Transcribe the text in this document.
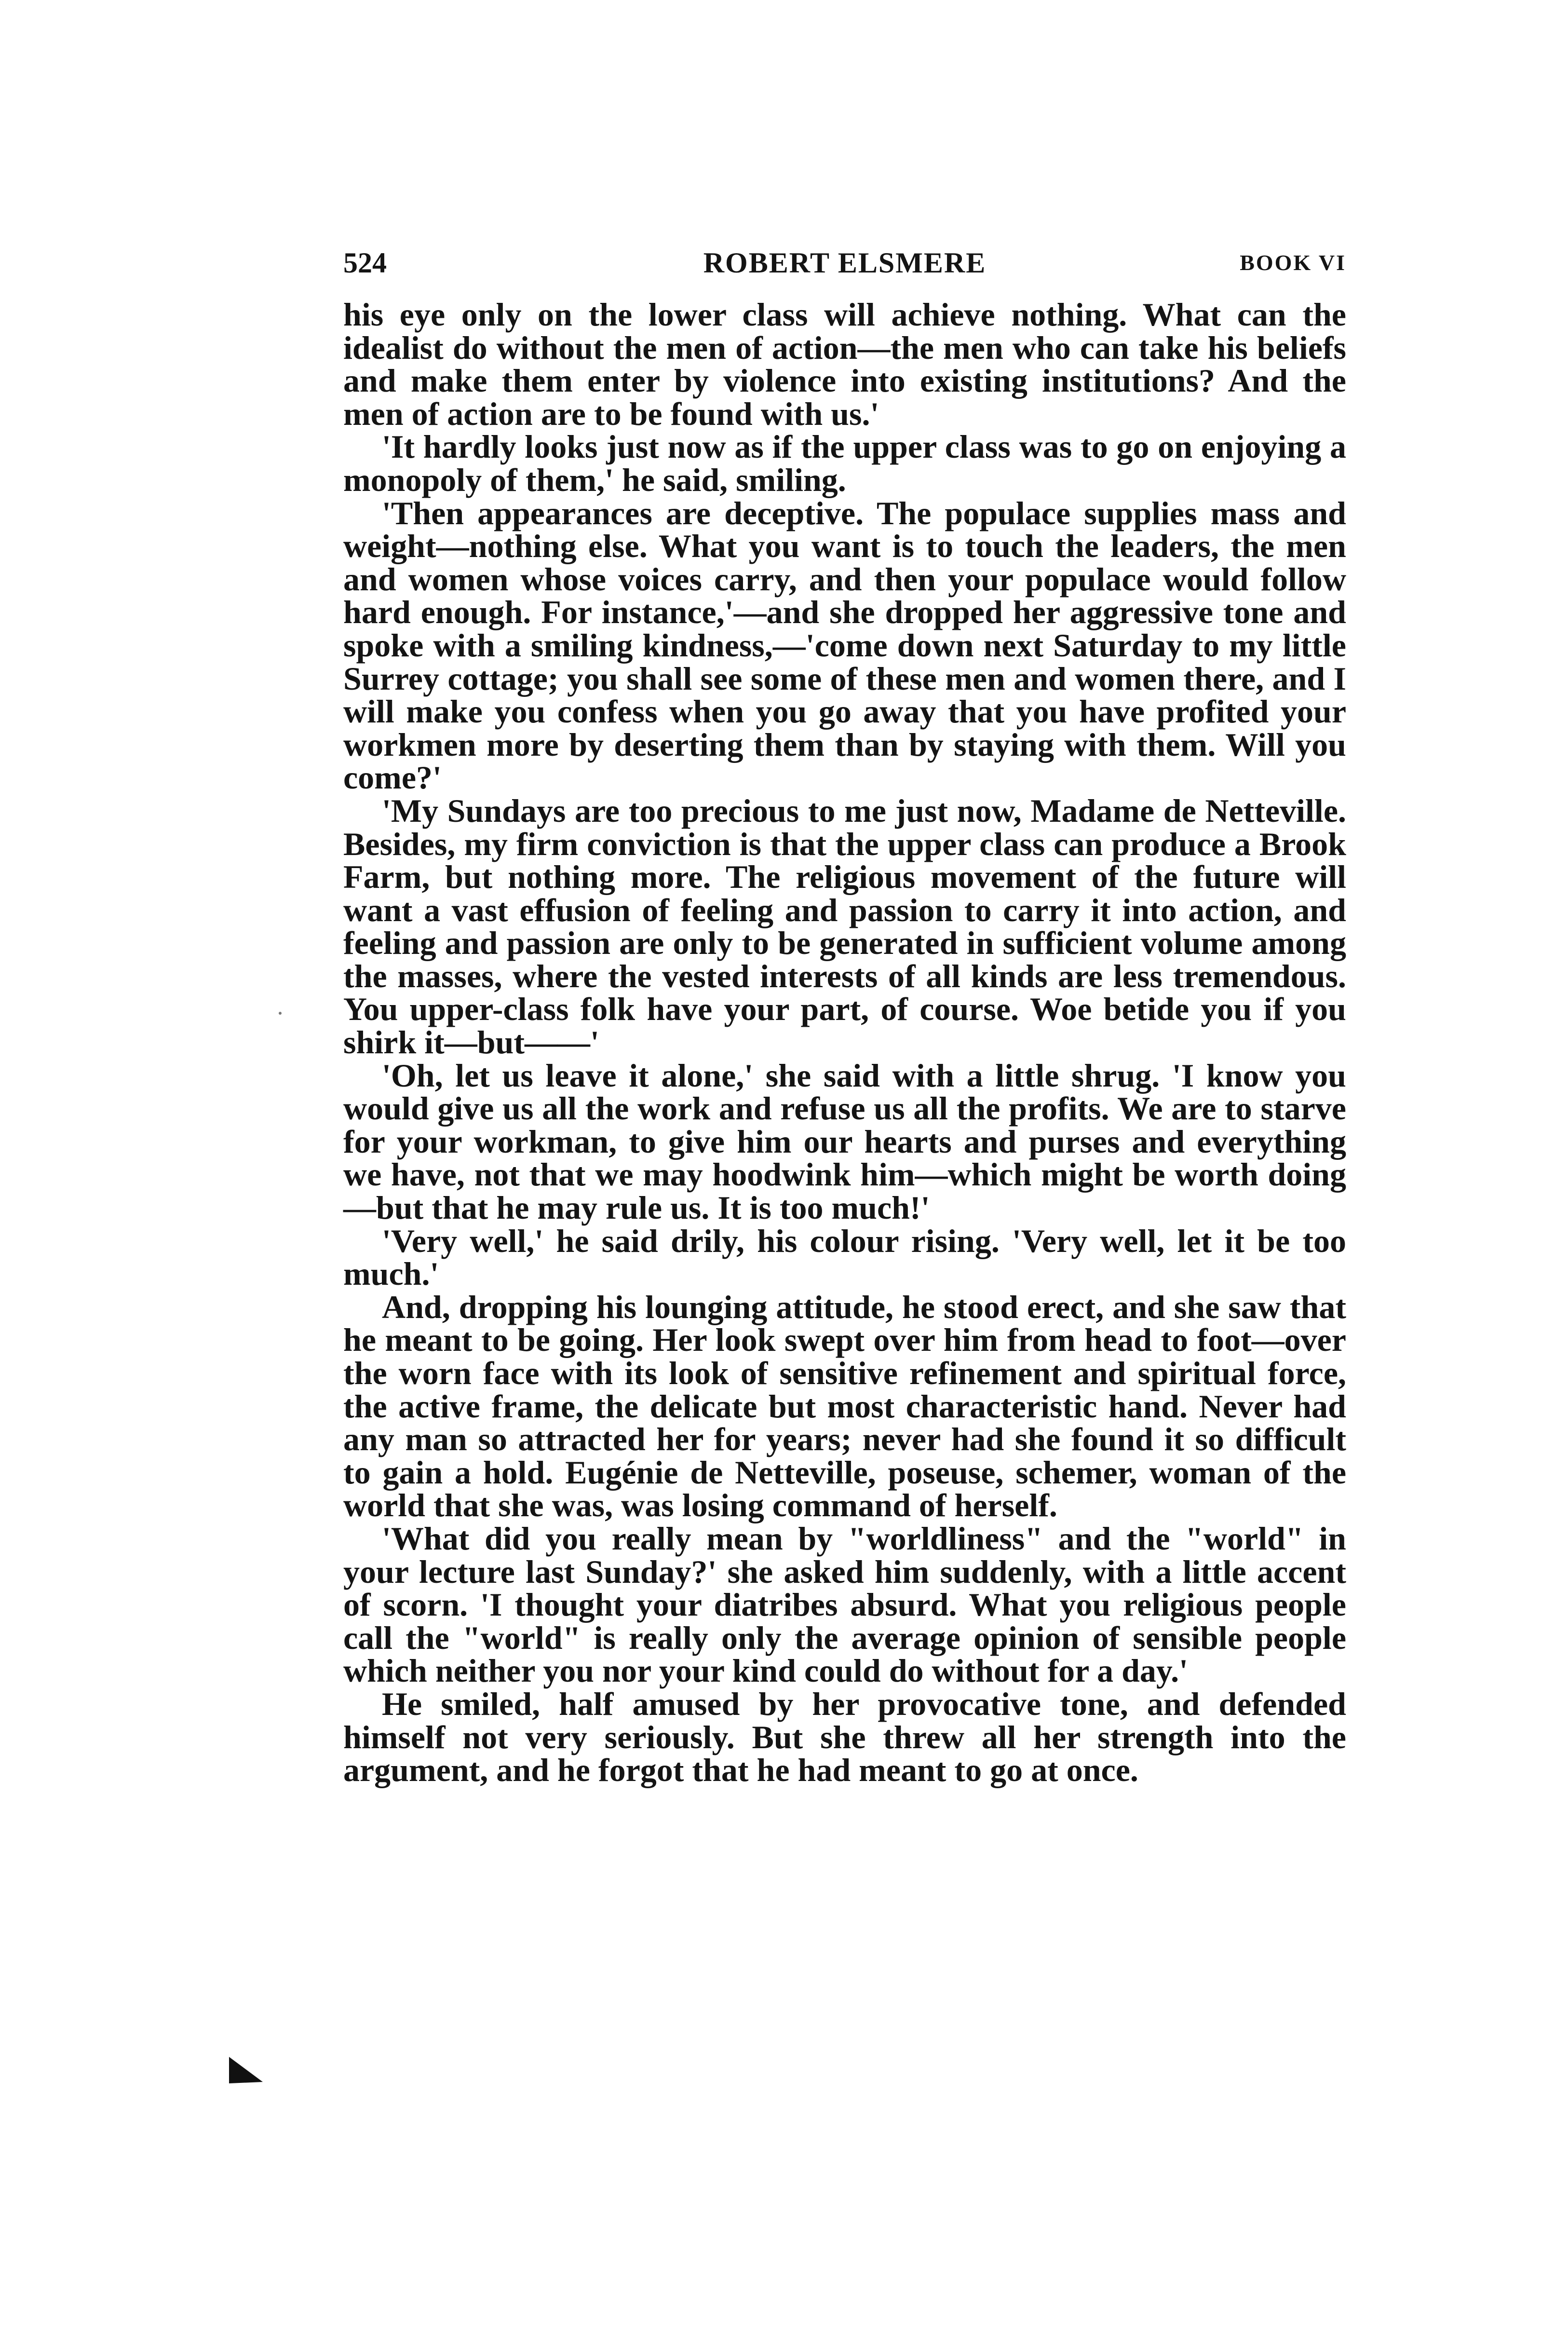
524	ROBERT ELSMERE	BOOK VI

his eye only on the lower class will achieve nothing. What can the idealist do without the men of action—the men who can take his beliefs and make them enter by violence into existing institutions? And the men of action are to be found with us.'

'It hardly looks just now as if the upper class was to go on enjoying a monopoly of them,' he said, smiling.

'Then appearances are deceptive. The populace supplies mass and weight—nothing else. What you want is to touch the leaders, the men and women whose voices carry, and then your populace would follow hard enough. For instance,'—and she dropped her aggressive tone and spoke with a smiling kindness,—'come down next Saturday to my little Surrey cottage; you shall see some of these men and women there, and I will make you confess when you go away that you have profited your workmen more by deserting them than by staying with them. Will you come?'

'My Sundays are too precious to me just now, Madame de Netteville. Besides, my firm conviction is that the upper class can produce a Brook Farm, but nothing more. The religious movement of the future will want a vast effusion of feeling and passion to carry it into action, and feeling and passion are only to be generated in sufficient volume among the masses, where the vested interests of all kinds are less tremendous. You upper-class folk have your part, of course. Woe betide you if you shirk it—but——'

'Oh, let us leave it alone,' she said with a little shrug. 'I know you would give us all the work and refuse us all the profits. We are to starve for your workman, to give him our hearts and purses and everything we have, not that we may hoodwink him—which might be worth doing—but that he may rule us. It is too much!'

'Very well,' he said drily, his colour rising. 'Very well, let it be too much.'

And, dropping his lounging attitude, he stood erect, and she saw that he meant to be going. Her look swept over him from head to foot—over the worn face with its look of sensitive refinement and spiritual force, the active frame, the delicate but most characteristic hand. Never had any man so attracted her for years; never had she found it so difficult to gain a hold. Eugénie de Netteville, poseuse, schemer, woman of the world that she was, was losing command of herself.

'What did you really mean by "worldliness" and the "world" in your lecture last Sunday?' she asked him suddenly, with a little accent of scorn. 'I thought your diatribes absurd. What you religious people call the "world" is really only the average opinion of sensible people which neither you nor your kind could do without for a day.'

He smiled, half amused by her provocative tone, and defended himself not very seriously. But she threw all her strength into the argument, and he forgot that he had meant to go at once.
